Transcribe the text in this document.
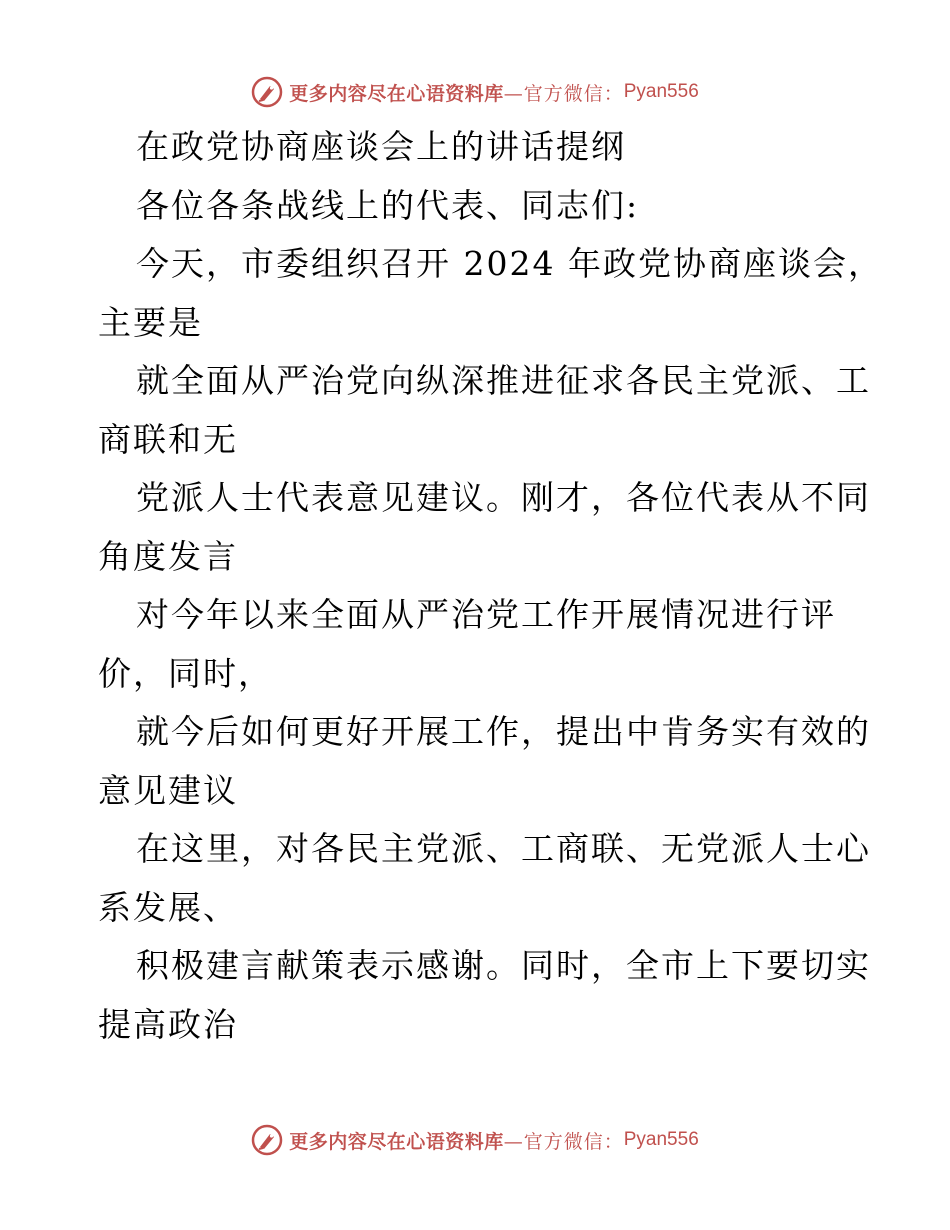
更多内容尽在心语资料库 —官方微信： Pyan556
在政党协商座谈会上的讲话提纲
各位各条战线上的代表、同志们:
今天，市委组织召开 2024 年政党协商座谈会，
主要是
就全面从严治党向纵深推进征求各民主党派、工
商联和无
党派人士代表意见建议。刚才，各位代表从不同
角度发言
对今年以来全面从严治党工作开展情况进行评
价，同时，
就今后如何更好开展工作，提出中肯务实有效的
意见建议
在这里，对各民主党派、工商联、无党派人士心
系发展、
积极建言献策表示感谢。同时，全市上下要切实
提高政治
更多内容尽在心语资料库 —官方微信： Pyan556
